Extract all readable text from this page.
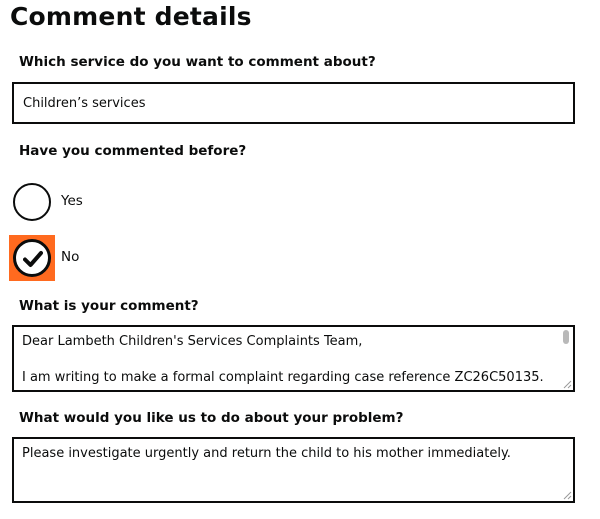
Comment details
Which service do you want to comment about?
Children’s services
Have you commented before?
Yes
No
What is your comment?

Dear Lambeth Children's Services Complaints Team,

I am writing to make a formal complaint regarding case reference ZC26C50135.

What would you like us to do about your problem?

Please investigate urgently and return the child to his mother immediately.
